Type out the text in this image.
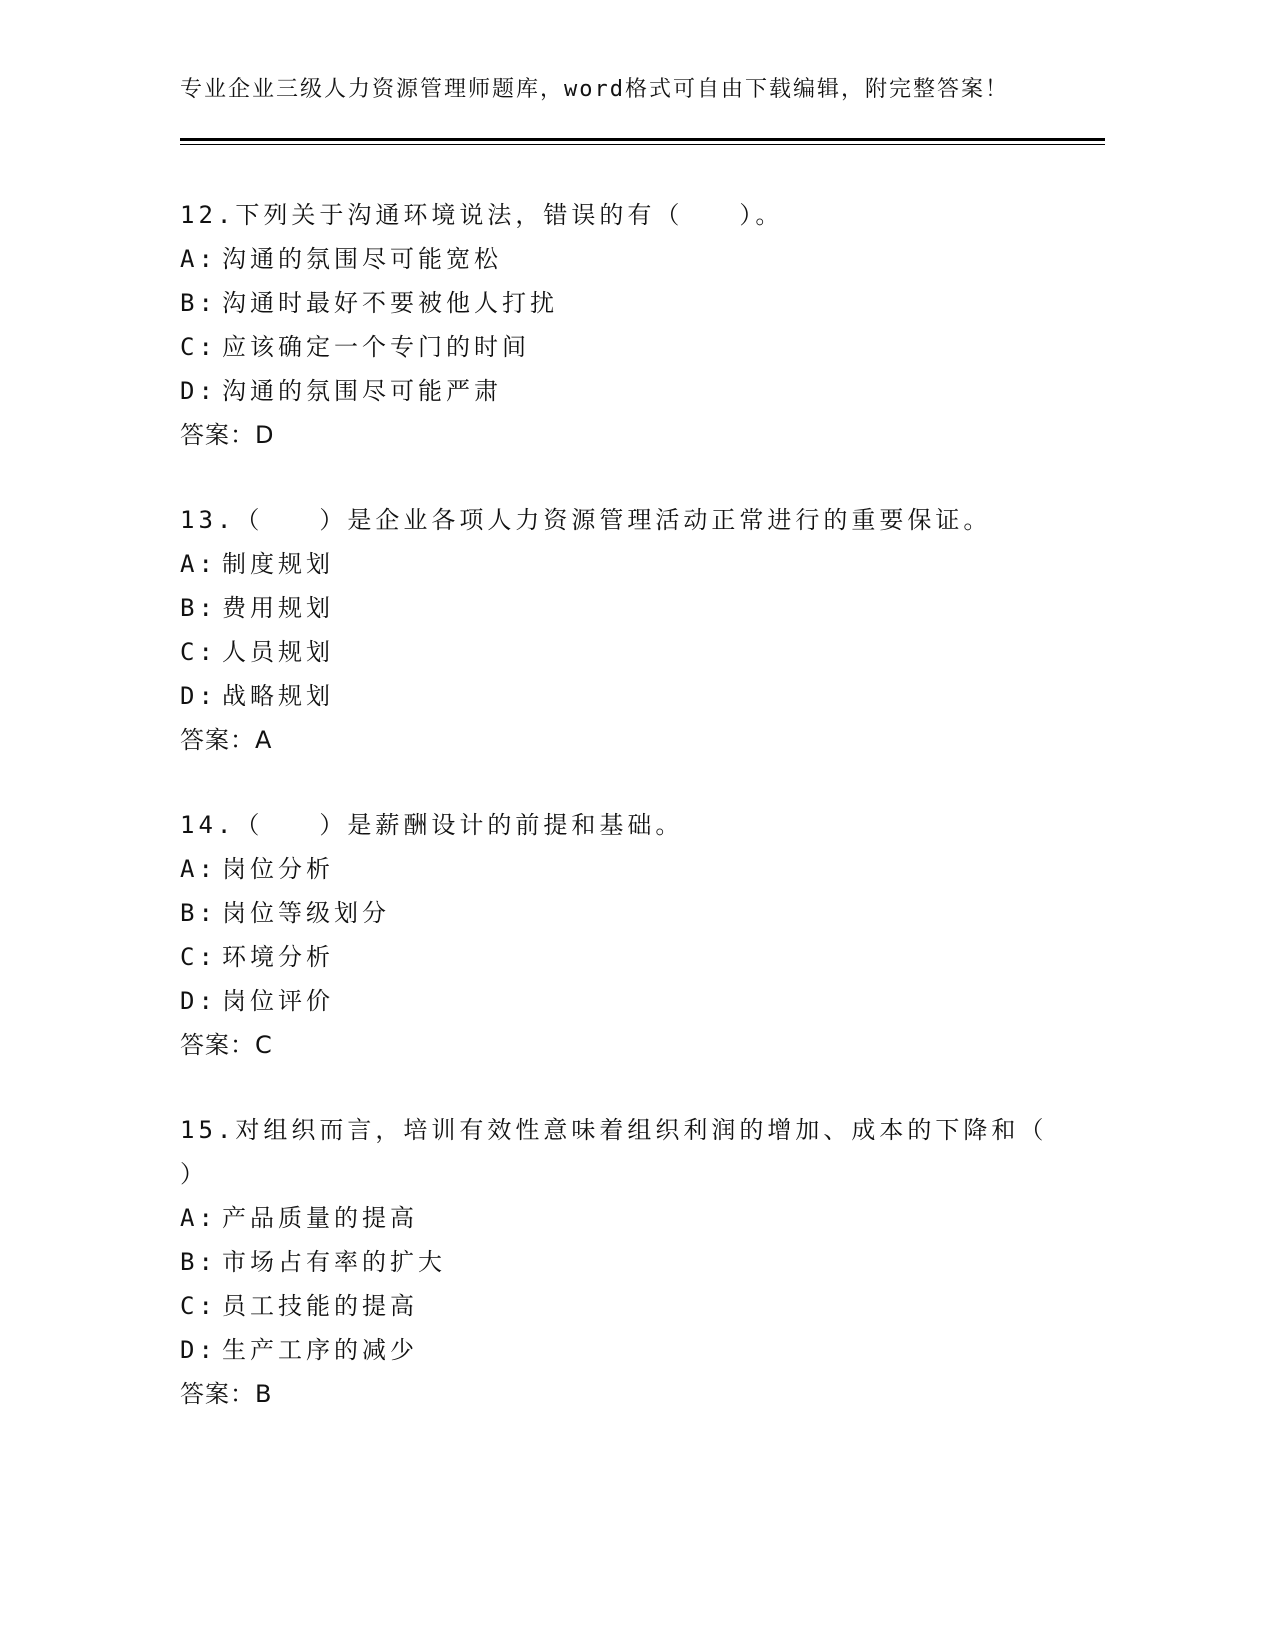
专业企业三级人力资源管理师题库，word格式可自由下载编辑，附完整答案！
12.下列关于沟通环境说法，错误的有（　　）。
A: 沟通的氛围尽可能宽松
B: 沟通时最好不要被他人打扰
C: 应该确定一个专门的时间
D: 沟通的氛围尽可能严肃
答案：D
13.（　　）是企业各项人力资源管理活动正常进行的重要保证。
A: 制度规划
B: 费用规划
C: 人员规划
D: 战略规划
答案：A
14.（　　）是薪酬设计的前提和基础。
A: 岗位分析
B: 岗位等级划分
C: 环境分析
D: 岗位评价
答案：C
15.对组织而言，培训有效性意味着组织利润的增加、成本的下降和（
）
A: 产品质量的提高
B: 市场占有率的扩大
C: 员工技能的提高
D: 生产工序的减少
答案：B
